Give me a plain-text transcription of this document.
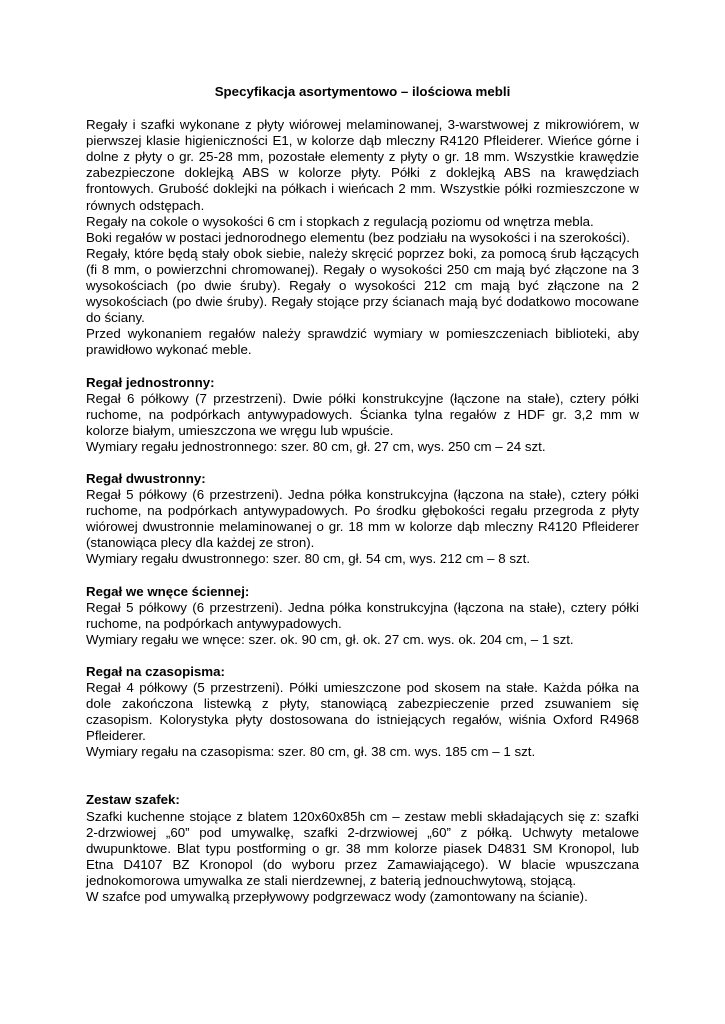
Specyfikacja asortymentowo – ilościowa mebli

Regały i szafki wykonane z płyty wiórowej melaminowanej, 3-warstwowej z mikrowiórem, w pierwszej klasie higieniczności E1, w kolorze dąb mleczny R4120 Pfleiderer. Wieńce górne i dolne z płyty o gr. 25-28 mm, pozostałe elementy z płyty o gr. 18 mm. Wszystkie krawędzie zabezpieczone doklejką ABS w kolorze płyty. Półki z doklejką ABS na krawędziach frontowych. Grubość doklejki na półkach i wieńcach 2 mm. Wszystkie półki rozmieszczone w równych odstępach.

Regały na cokole o wysokości 6 cm i stopkach z regulacją poziomu od wnętrza mebla.

Boki regałów w postaci jednorodnego elementu (bez podziału na wysokości i na szerokości).

Regały, które będą stały obok siebie, należy skręcić poprzez boki, za pomocą śrub łączących (fi 8 mm, o powierzchni chromowanej). Regały o wysokości 250 cm mają być złączone na 3 wysokościach (po dwie śruby). Regały o wysokości 212 cm mają być złączone na 2 wysokościach (po dwie śruby). Regały stojące przy ścianach mają być dodatkowo mocowane do ściany.

Przed wykonaniem regałów należy sprawdzić wymiary w pomieszczeniach biblioteki, aby prawidłowo wykonać meble.

Regał jednostronny:

Regał 6 półkowy (7 przestrzeni). Dwie półki konstrukcyjne (łączone na stałe), cztery półki ruchome, na podpórkach antywypadowych. Ścianka tylna regałów z HDF gr. 3,2 mm w kolorze białym, umieszczona we wręgu lub wpuście.

Wymiary regału jednostronnego: szer. 80 cm, gł. 27 cm, wys. 250 cm – 24 szt.

Regał dwustronny:

Regał 5 półkowy (6 przestrzeni). Jedna półka konstrukcyjna (łączona na stałe), cztery półki ruchome, na podpórkach antywypadowych. Po środku głębokości regału przegroda z płyty wiórowej dwustronnie melaminowanej o gr. 18 mm w kolorze dąb mleczny R4120 Pfleiderer (stanowiąca plecy dla każdej ze stron).

Wymiary regału dwustronnego: szer. 80 cm, gł. 54 cm, wys. 212 cm – 8 szt.

Regał we wnęce ściennej:

Regał 5 półkowy (6 przestrzeni). Jedna półka konstrukcyjna (łączona na stałe), cztery półki ruchome, na podpórkach antywypadowych.

Wymiary regału we wnęce: szer. ok. 90 cm, gł. ok. 27 cm. wys. ok. 204 cm, – 1 szt.

Regał na czasopisma:

Regał 4 półkowy (5 przestrzeni). Półki umieszczone pod skosem na stałe. Każda półka na dole zakończona listewką z płyty, stanowiącą zabezpieczenie przed zsuwaniem się czasopism. Kolorystyka płyty dostosowana do istniejących regałów, wiśnia Oxford R4968 Pfleiderer.

Wymiary regału na czasopisma: szer. 80 cm, gł. 38 cm. wys. 185 cm – 1 szt.

Zestaw szafek:

Szafki kuchenne stojące z blatem 120x60x85h cm – zestaw mebli składających się z: szafki 2-drzwiowej „60” pod umywalkę, szafki 2-drzwiowej „60” z półką. Uchwyty metalowe dwupunktowe. Blat typu postforming o gr. 38 mm kolorze piasek D4831 SM Kronopol, lub Etna D4107 BZ Kronopol (do wyboru przez Zamawiającego). W blacie wpuszczana jednokomorowa umywalka ze stali nierdzewnej, z baterią jednouchwytową, stojącą.

W szafce pod umywalką przepływowy podgrzewacz wody (zamontowany na ścianie).
